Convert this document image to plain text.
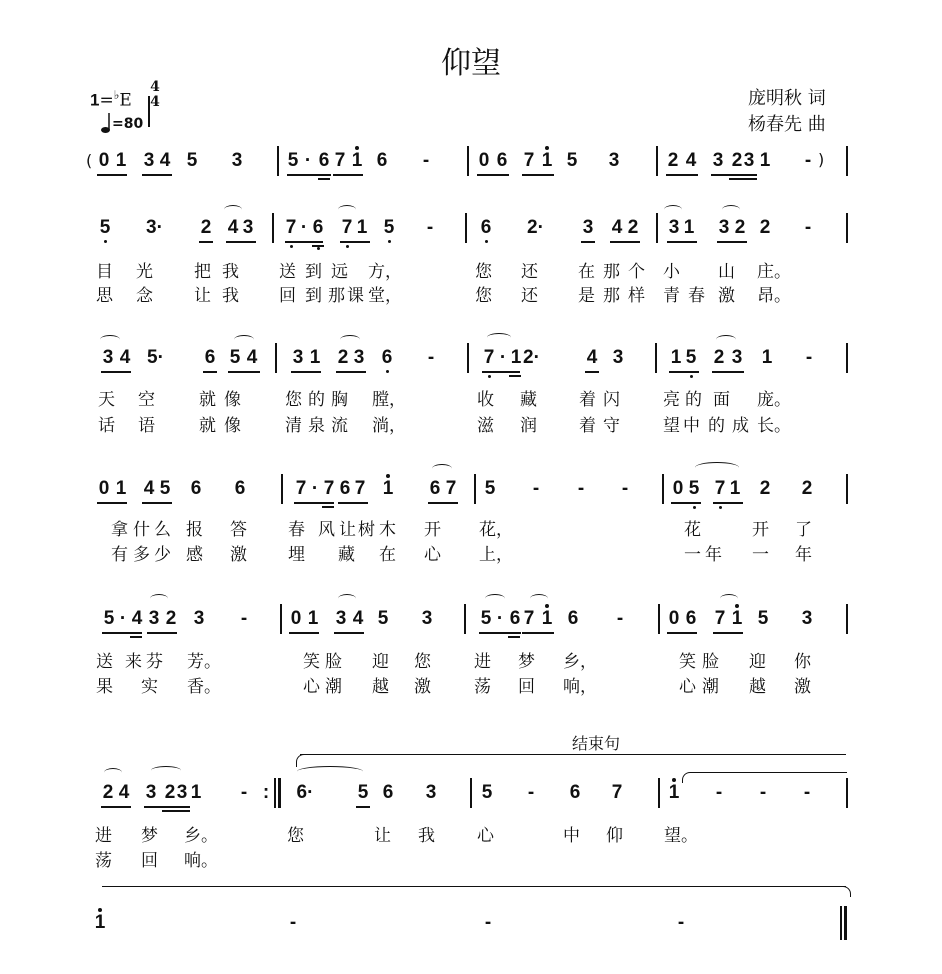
仰望
1=♭E
4
4
=80
庞明秋 词
杨春先 曲
( 0 1 3 4 5 3 5 · 6 7 1 6 -	0 6 7 1 5 3	2 4 3 2 3 1 - )
5 3· 2 4 3 7 · 6 7 1 5 -	6 2· 3 4 2 3 1 3 2 2 -
目 光 把 我 送 到 远 方，	您 还 在 那 个 小 山 庄。
思 念 让 我 回 到 那 课 堂，	您 还 是 那 样 青 春 激 昂。
3 4 5· 6 5 4 3 1 2 3 6 -	7 · 1 2· 4 3 1 5 2 3 1 -
天 空	就 像	您 的 胸 膛，	收 藏 着 闪	亮 的 面 庞。
话 语	就 像	清 泉 流 淌，	滋 润 着 守	望 中 的 成 长。
0 1 4 5 6 6	7 · 7 6 7 1 6 7 5 - - - 0 5 7 1 2 2
拿 什 么 报 答 春 风 让 树 木 开 花，	花	开 了
有 多 少 感 激 埋 藏 在 心 上，	一 年 一 年
5 · 4 3 2 3 - 0 1 3 4 5 3	5 · 6 7 1 6 - 0 6 7 1 5 3
送 来 芬 芳。	笑 脸 迎 您	进 梦 乡，	笑 脸 迎 你
果 实 香。	心 潮 越 激	荡 回 响，	心 潮 越 激
结束句
2 4 3 2 3 1 - : 6· 5 6 3 5 - 6 7 1 - - -
进 梦 乡。	您	让 我 心	中 仰 望。
荡 回 响。
1	-	-	-
